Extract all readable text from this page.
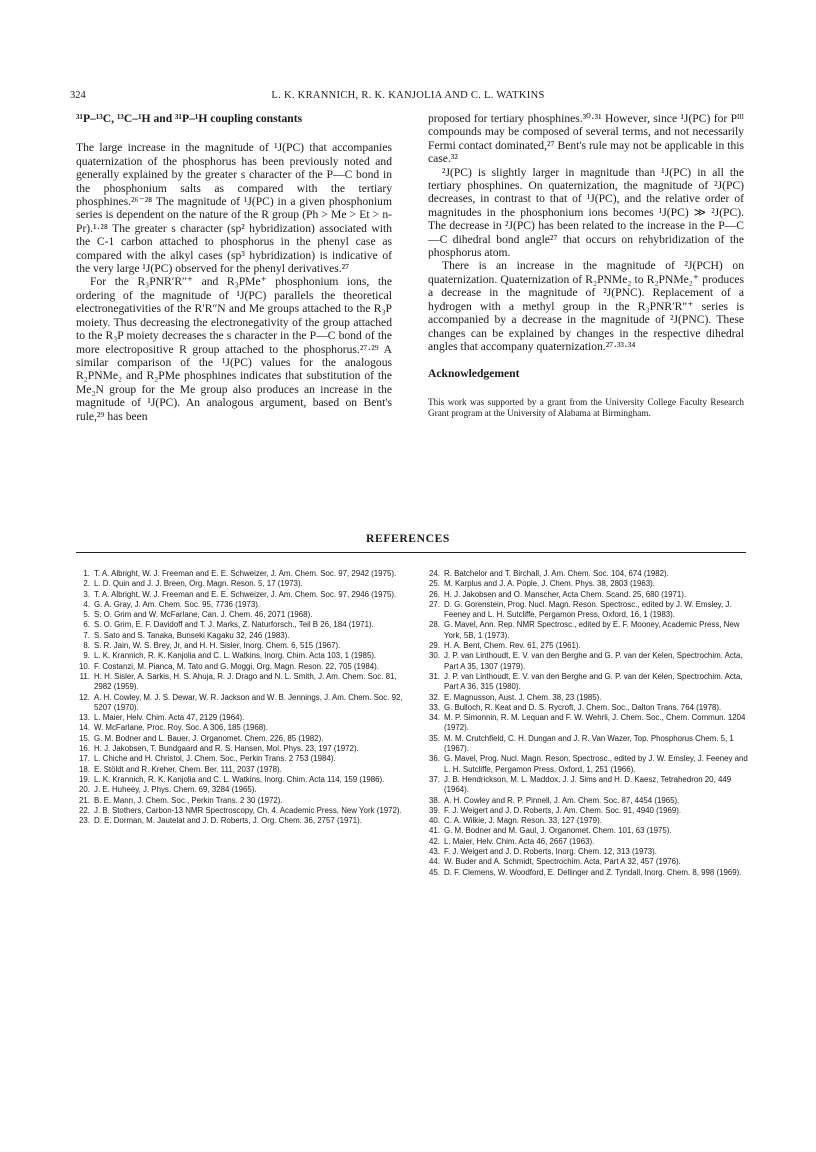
324	L. K. KRANNICH, R. K. KANJOLIA AND C. L. WATKINS
³¹P–¹³C, ¹³C–¹H and ³¹P–¹H coupling constants

The large increase in the magnitude of ¹J(PC) that accompanies quaternization of the phosphorus has been previously noted and generally explained by the greater s character of the P—C bond in the phosphonium salts as compared with the tertiary phosphines.²⁶⁻²⁸ The magnitude of ¹J(PC) in a given phosphonium series is dependent on the nature of the R group (Ph > Me > Et > n-Pr).¹·²⁸ The greater s character (sp² hybridization) associated with the C-1 carbon attached to phosphorus in the phenyl case as compared with the alkyl cases (sp³ hybridization) is indicative of the very large ¹J(PC) observed for the phenyl derivatives.²⁷

For the R₃PNR′R″⁺ and R₃PMe⁺ phosphonium ions, the ordering of the magnitude of ¹J(PC) parallels the theoretical electronegativities of the R′R″N and Me groups attached to the R₃P moiety. Thus decreasing the electronegativity of the group attached to the R₃P moiety decreases the s character in the P—C bond of the more electropositive R group attached to the phosphorus.²⁷·²⁹ A similar comparison of the ¹J(PC) values for the analogous R₂PNMe₂ and R₂PMe phosphines indicates that substitution of the Me₂N group for the Me group also produces an increase in the magnitude of ¹J(PC). An analogous argument, based on Bent's rule,²⁹ has been

proposed for tertiary phosphines.³⁰·³¹ However, since ¹J(PC) for Pᴵᴵᴵ compounds may be composed of several terms, and not necessarily Fermi contact dominated,²⁷ Bent's rule may not be applicable in this case.³²

²J(PC) is slightly larger in magnitude than ¹J(PC) in all the tertiary phosphines. On quaternization, the magnitude of ²J(PC) decreases, in contrast to that of ¹J(PC), and the relative order of magnitudes in the phosphonium ions becomes ¹J(PC) ≫ ²J(PC). The decrease in ²J(PC) has been related to the increase in the P—C—C dihedral bond angle²⁷ that occurs on rehybridization of the phosphorus atom.

There is an increase in the magnitude of ²J(PCH) on quaternization. Quaternization of R₂PNMe₂ to R₂PNMe₂⁺ produces a decrease in the magnitude of ²J(PNC). Replacement of a hydrogen with a methyl group in the R₃PNR′R″⁺ series is accompanied by a decrease in the magnitude of ²J(PNC). These changes can be explained by changes in the respective dihedral angles that accompany quaternization.²⁷·³³·³⁴

Acknowledgement

This work was supported by a grant from the University College Faculty Research Grant program at the University of Alabama at Birmingham.

REFERENCES
1. T. A. Albright, W. J. Freeman and E. E. Schweizer, J. Am. Chem. Soc. 97, 2942 (1975).
2. L. D. Quin and J. J. Breen, Org. Magn. Reson. 5, 17 (1973).
3. T. A. Albright, W. J. Freeman and E. E. Schweizer, J. Am. Chem. Soc. 97, 2946 (1975).
4. G. A. Gray, J. Am. Chem. Soc. 95, 7736 (1973).
5. S. O. Grim and W. McFarlane, Can. J. Chem. 46, 2071 (1968).
6. S. O. Grim, E. F. Davidoff and T. J. Marks, Z. Naturforsch., Teil B 26, 184 (1971).
7. S. Sato and S. Tanaka, Bunseki Kagaku 32, 246 (1983).
8. S. R. Jain, W. S. Brey, Jr, and H. H. Sisler, Inorg. Chem. 6, 515 (1967).
9. L. K. Krannich, R. K. Kanjolia and C. L. Watkins, Inorg. Chim. Acta 103, 1 (1985).
10. F. Costanzi, M. Pianca, M. Tato and G. Moggi, Org. Magn. Reson. 22, 705 (1984).
11. H. H. Sisler, A. Sarkis, H. S. Ahuja, R. J. Drago and N. L. Smith, J. Am. Chem. Soc. 81, 2982 (1959).
12. A. H. Cowley, M. J. S. Dewar, W. R. Jackson and W. B. Jennings, J. Am. Chem. Soc. 92, 5207 (1970).
13. L. Maier, Helv. Chim. Acta 47, 2129 (1964).
14. W. McFarlane, Proc. Roy. Soc. A 306, 185 (1968).
15. G. M. Bodner and L. Bauer, J. Organomet. Chem. 226, 85 (1982).
16. H. J. Jakobsen, T. Bundgaard and R. S. Hansen, Mol. Phys. 23, 197 (1972).
17. L. Chiche and H. Christol, J. Chem. Soc., Perkin Trans. 2 753 (1984).
18. E. Stöldt and R. Kreher, Chem. Ber. 111, 2037 (1978).
19. L. K. Krannich, R. K. Kanjolia and C. L. Watkins, Inorg. Chim. Acta 114, 159 (1986).
20. J. E. Huheey, J. Phys. Chem. 69, 3284 (1965).
21. B. E. Mann, J. Chem. Soc., Perkin Trans. 2 30 (1972).
22. J. B. Stothers, Carbon-13 NMR Spectroscopy, Ch. 4. Academic Press, New York (1972).
23. D. E. Dorman, M. Jautelat and J. D. Roberts, J. Org. Chem. 36, 2757 (1971).
24. R. Batchelor and T. Birchall, J. Am. Chem. Soc. 104, 674 (1982).
25. M. Karplus and J. A. Pople, J. Chem. Phys. 38, 2803 (1963).
26. H. J. Jakobsen and O. Manscher, Acta Chem. Scand. 25, 680 (1971).
27. D. G. Gorenstein, Prog. Nucl. Magn. Reson. Spectrosc., edited by J. W. Emsley, J. Feeney and L. H. Sutcliffe, Pergamon Press, Oxford, 16, 1 (1983).
28. G. Mavel, Ann. Rep. NMR Spectrosc., edited by E. F. Mooney, Academic Press, New York, 5B, 1 (1973).
29. H. A. Bent, Chem. Rev. 61, 275 (1961).
30. J. P. van Linthoudt, E. V. van den Berghe and G. P. van der Kelen, Spectrochim. Acta, Part A 35, 1307 (1979).
31. J. P. van Linthoudt, E. V. van den Berghe and G. P. van der Kelen, Spectrochim. Acta, Part A 36, 315 (1980).
32. E. Magnusson, Aust. J. Chem. 38, 23 (1985).
33. G. Bulloch, R. Keat and D. S. Rycroft, J. Chem. Soc., Dalton Trans. 764 (1978).
34. M. P. Simonnin, R. M. Lequan and F. W. Wehrli, J. Chem. Soc., Chem. Commun. 1204 (1972).
35. M. M. Crutchfield, C. H. Dungan and J. R. Van Wazer, Top. Phosphorus Chem. 5, 1 (1967).
36. G. Mavel, Prog. Nucl. Magn. Reson. Spectrosc., edited by J. W. Emsley, J. Feeney and L. H. Sutcliffe, Pergamon Press, Oxford, 1, 251 (1966).
37. J. B. Hendrickson, M. L. Maddox, J. J. Sims and H. D. Kaesz, Tetrahedron 20, 449 (1964).
38. A. H. Cowley and R. P. Pinnell, J. Am. Chem. Soc. 87, 4454 (1965).
39. F. J. Weigert and J. D. Roberts, J. Am. Chem. Soc. 91, 4940 (1969).
40. C. A. Wilkie, J. Magn. Reson. 33, 127 (1979).
41. G. M. Bodner and M. Gaul, J. Organomet. Chem. 101, 63 (1975).
42. L. Maier, Helv. Chim. Acta 46, 2667 (1963).
43. F. J. Weigert and J. D. Roberts, Inorg. Chem. 12, 313 (1973).
44. W. Buder and A. Schmidt, Spectrochim. Acta, Part A 32, 457 (1976).
45. D. F. Clemens, W. Woodford, E. Dellinger and Z. Tyndall, Inorg. Chem. 8, 998 (1969).
